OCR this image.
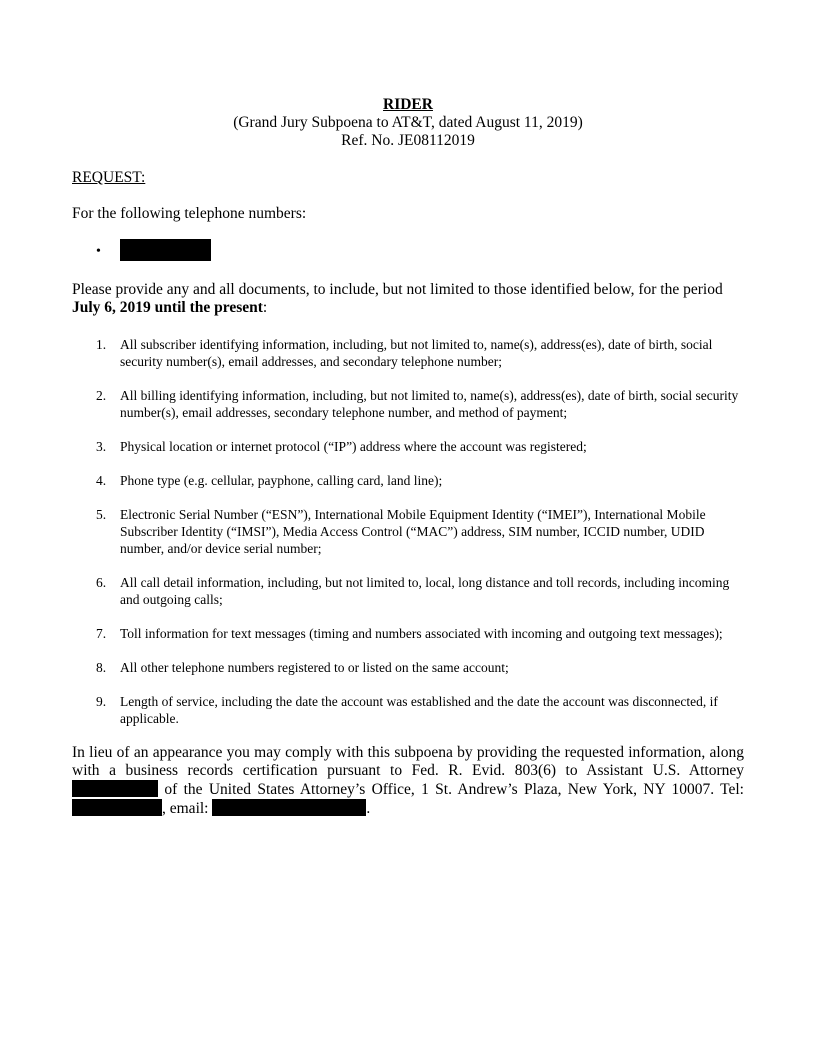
RIDER
(Grand Jury Subpoena to AT&T, dated August 11, 2019)
Ref. No. JE08112019
REQUEST:
For the following telephone numbers:
•
Please provide any and all documents, to include, but not limited to those identified below, for the period July 6, 2019 until the present:
1. All subscriber identifying information, including, but not limited to, name(s), address(es), date of birth, social security number(s), email addresses, and secondary telephone number;
2. All billing identifying information, including, but not limited to, name(s), address(es), date of birth, social security number(s), email addresses, secondary telephone number, and method of payment;
3. Physical location or internet protocol (“IP”) address where the account was registered;
4. Phone type (e.g. cellular, payphone, calling card, land line);
5. Electronic Serial Number (“ESN”), International Mobile Equipment Identity (“IMEI”), International Mobile Subscriber Identity (“IMSI”), Media Access Control (“MAC”) address, SIM number, ICCID number, UDID number, and/or device serial number;
6. All call detail information, including, but not limited to, local, long distance and toll records, including incoming and outgoing calls;
7. Toll information for text messages (timing and numbers associated with incoming and outgoing text messages);
8. All other telephone numbers registered to or listed on the same account;
9. Length of service, including the date the account was established and the date the account was disconnected, if applicable.
In lieu of an appearance you may comply with this subpoena by providing the requested information, along with a business records certification pursuant to Fed. R. Evid. 803(6) to Assistant U.S. Attorney  of the United States Attorney’s Office, 1 St. Andrew’s Plaza, New York, NY 10007. Tel: , email:	.
